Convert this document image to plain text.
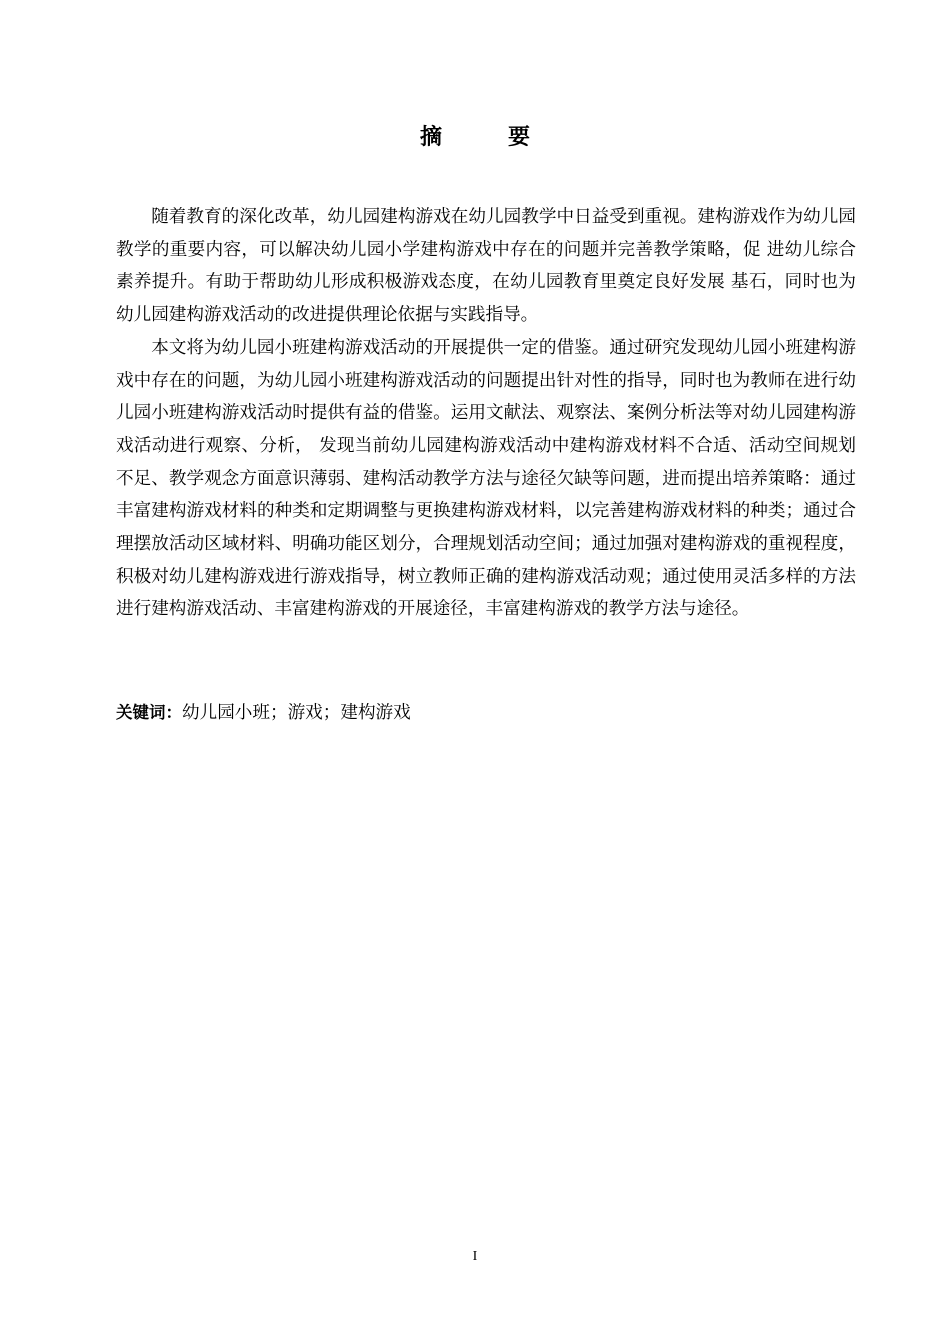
摘　要

随着教育的深化改革，幼儿园建构游戏在幼儿园教学中日益受到重视。建构游戏作为幼儿园教学的重要内容，可以解决幼儿园小学建构游戏中存在的问题并完善教学策略，促 进幼儿综合素养提升。有助于帮助幼儿形成积极游戏态度，在幼儿园教育里奠定良好发展 基石，同时也为幼儿园建构游戏活动的改进提供理论依据与实践指导。

本文将为幼儿园小班建构游戏活动的开展提供一定的借鉴。通过研究发现幼儿园小班建构游戏中存在的问题，为幼儿园小班建构游戏活动的问题提出针对性的指导，同时也为教师在进行幼儿园小班建构游戏活动时提供有益的借鉴。运用文献法、观察法、案例分析法等对幼儿园建构游戏活动进行观察、分析， 发现当前幼儿园建构游戏活动中建构游戏材料不合适、活动空间规划不足、教学观念方面意识薄弱、建构活动教学方法与途径欠缺等问题，进而提出培养策略：通过丰富建构游戏材料的种类和定期调整与更换建构游戏材料，以完善建构游戏材料的种类；通过合理摆放活动区域材料、明确功能区划分，合理规划活动空间；通过加强对建构游戏的重视程度，积极对幼儿建构游戏进行游戏指导，树立教师正确的建构游戏活动观；通过使用灵活多样的方法进行建构游戏活动、丰富建构游戏的开展途径，丰富建构游戏的教学方法与途径。

关键词：幼儿园小班；游戏；建构游戏
I
